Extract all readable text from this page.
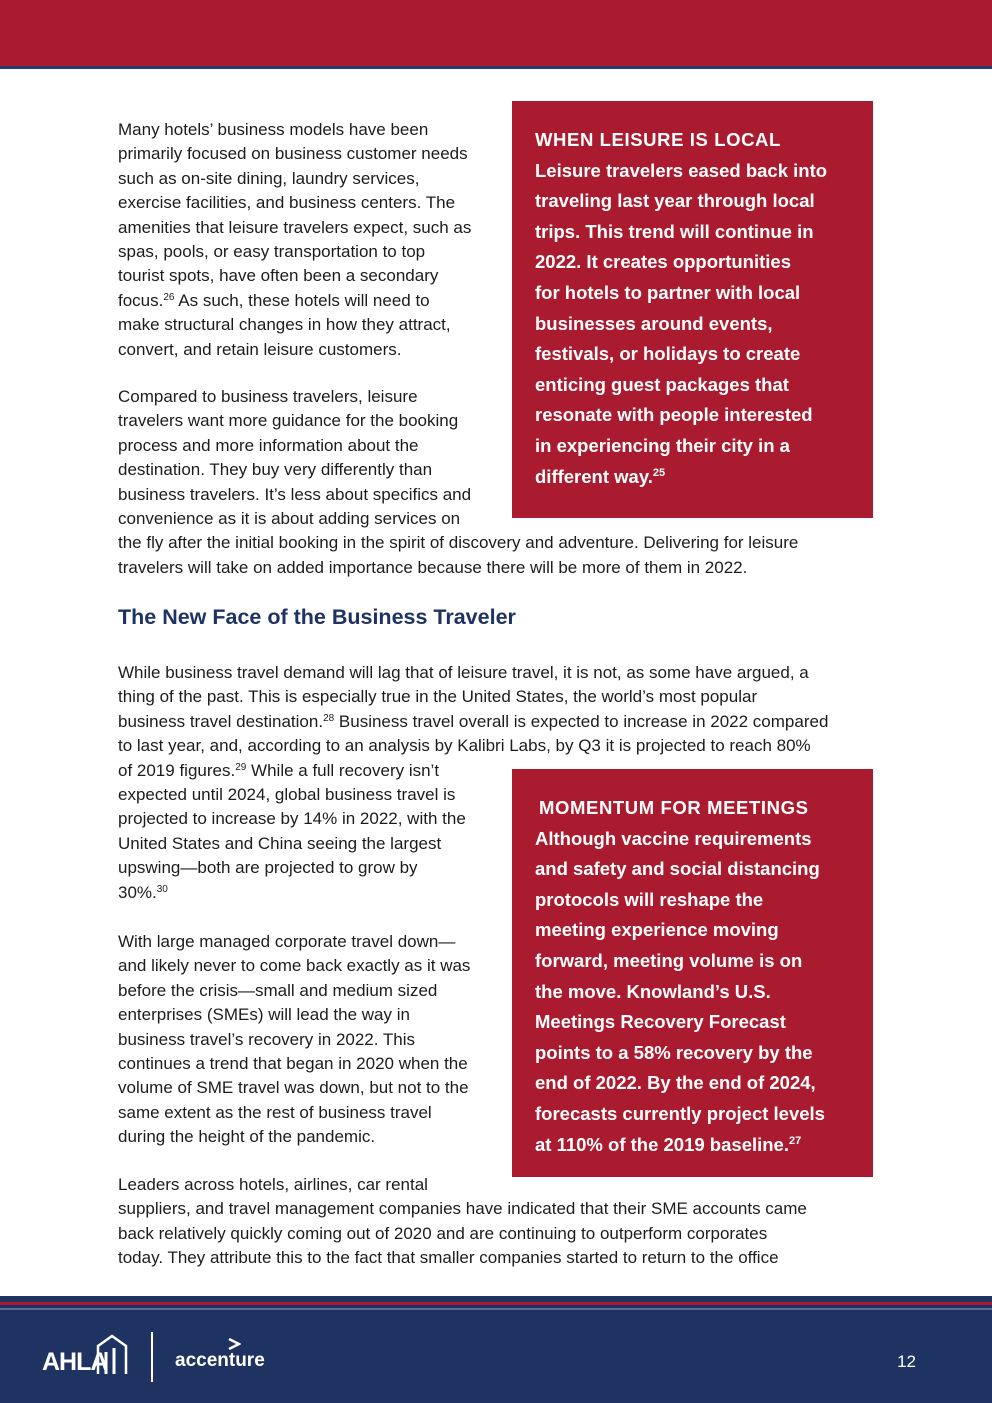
Many hotels’ business models have been

primarily focused on business customer needs

such as on-site dining, laundry services,

exercise facilities, and business centers. The

amenities that leisure travelers expect, such as

spas, pools, or easy transportation to top

tourist spots, have often been a secondary

focus.$^{26}$ As such, these hotels will need to

make structural changes in how they attract,

convert, and retain leisure customers.

Compared to business travelers, leisure

travelers want more guidance for the booking

process and more information about the

destination. They buy very differently than

business travelers. It’s less about specifics and

convenience as it is about adding services on

the fly after the initial booking in the spirit of discovery and adventure. Delivering for leisure

travelers will take on added importance because there will be more of them in 2022.

WHEN LEISURE IS LOCAL
Leisure travelers eased back into
traveling last year through local
trips. This trend will continue in
2022. It creates opportunities
for hotels to partner with local
businesses around events,
festivals, or holidays to create
enticing guest packages that
resonate with people interested
in experiencing their city in a
different way.$^{25}$
The New Face of the Business Traveler

While business travel demand will lag that of leisure travel, it is not, as some have argued, a

thing of the past. This is especially true in the United States, the world’s most popular

business travel destination.$^{28}$ Business travel overall is expected to increase in 2022 compared

to last year, and, according to an analysis by Kalibri Labs, by Q3 it is projected to reach 80%

of 2019 figures.$^{29}$ While a full recovery isn’t

expected until 2024, global business travel is

projected to increase by 14% in 2022, with the

United States and China seeing the largest

upswing—both are projected to grow by

30%.$^{30}$

With large managed corporate travel down—

and likely never to come back exactly as it was

before the crisis—small and medium sized

enterprises (SMEs) will lead the way in

business travel’s recovery in 2022. This

continues a trend that began in 2020 when the

volume of SME travel was down, but not to the

same extent as the rest of business travel

during the height of the pandemic.

MOMENTUM FOR MEETINGS
Although vaccine requirements
and safety and social distancing
protocols will reshape the
meeting experience moving
forward, meeting volume is on
the move. Knowland’s U.S.
Meetings Recovery Forecast
points to a 58% recovery by the
end of 2022. By the end of 2024,
forecasts currently project levels
at 110% of the 2019 baseline.$^{27}$

Leaders across hotels, airlines, car rental

suppliers, and travel management companies have indicated that their SME accounts came

back relatively quickly coming out of 2020 and are continuing to outperform corporates

today. They attribute this to the fact that smaller companies started to return to the office

AHLA	accenture	12
